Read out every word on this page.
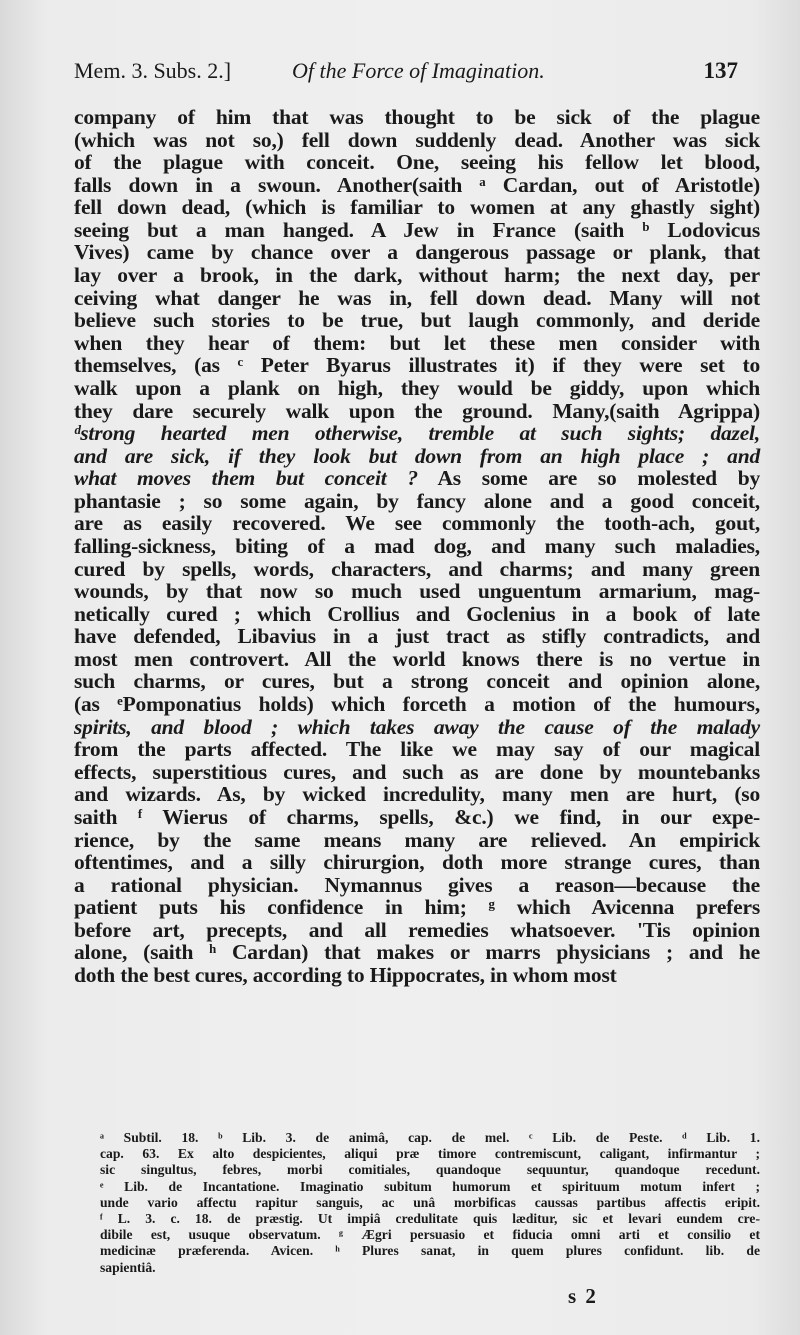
Mem. 3. Subs. 2.]	Of the Force of Imagination.	137
company of him that was thought to be sick of the plague
(which was not so,) fell down suddenly dead. Another was sick
of the plague with conceit. One, seeing his fellow let blood,
falls down in a swoun. Another(saith ᵃ Cardan, out of Aristotle)
fell down dead, (which is familiar to women at any ghastly sight)
seeing but a man hanged. A Jew in France (saith ᵇ Lodovicus
Vives) came by chance over a dangerous passage or plank, that
lay over a brook, in the dark, without harm; the next day, per
ceiving what danger he was in, fell down dead. Many will not
believe such stories to be true, but laugh commonly, and deride
when they hear of them: but let these men consider with
themselves, (as ᶜ Peter Byarus illustrates it) if they were set to
walk upon a plank on high, they would be giddy, upon which
they dare securely walk upon the ground. Many,(saith Agrippa)
ᵈstrong hearted men otherwise, tremble at such sights; dazel,
and are sick, if they look but down from an high place ; and
what moves them but conceit ? As some are so molested by
phantasie ; so some again, by fancy alone and a good conceit,
are as easily recovered. We see commonly the tooth-ach, gout,
falling-sickness, biting of a mad dog, and many such maladies,
cured by spells, words, characters, and charms; and many green
wounds, by that now so much used unguentum armarium, mag-
netically cured ; which Crollius and Goclenius in a book of late
have defended, Libavius in a just tract as stifly contradicts, and
most men controvert. All the world knows there is no vertue in
such charms, or cures, but a strong conceit and opinion alone,
(as ᵉPomponatius holds) which forceth a motion of the humours,
spirits, and blood ; which takes away the cause of the malady
from the parts affected. The like we may say of our magical
effects, superstitious cures, and such as are done by mountebanks
and wizards. As, by wicked incredulity, many men are hurt, (so
saith ᶠ Wierus of charms, spells, &c.) we find, in our expe-
rience, by the same means many are relieved. An empirick
oftentimes, and a silly chirurgion, doth more strange cures, than
a rational physician. Nymannus gives a reason—because the
patient puts his confidence in him; ᵍ which Avicenna prefers
before art, precepts, and all remedies whatsoever. 'Tis opinion
alone, (saith ʰ Cardan) that makes or marrs physicians ; and he
doth the best cures, according to Hippocrates, in whom most
ᵃ Subtil. 18. ᵇ Lib. 3. de animâ, cap. de mel. ᶜ Lib. de Peste. ᵈ Lib. 1.
cap. 63. Ex alto despicientes, aliqui præ timore contremiscunt, caligant, infirmantur ;
sic singultus, febres, morbi comitiales, quandoque sequuntur, quandoque recedunt.
ᵉ Lib. de Incantatione. Imaginatio subitum humorum et spirituum motum infert ;
unde vario affectu rapitur sanguis, ac unâ morbificas caussas partibus affectis eripit.
ᶠ L. 3. c. 18. de præstig. Ut impiâ credulitate quis læditur, sic et levari eundem cre-
dibile est, usuque observatum. ᵍ Ægri persuasio et fiducia omni arti et consilio et
medicinæ præferenda. Avicen. ʰ Plures sanat, in quem plures confidunt. lib. de
sapientiâ.
s 2
